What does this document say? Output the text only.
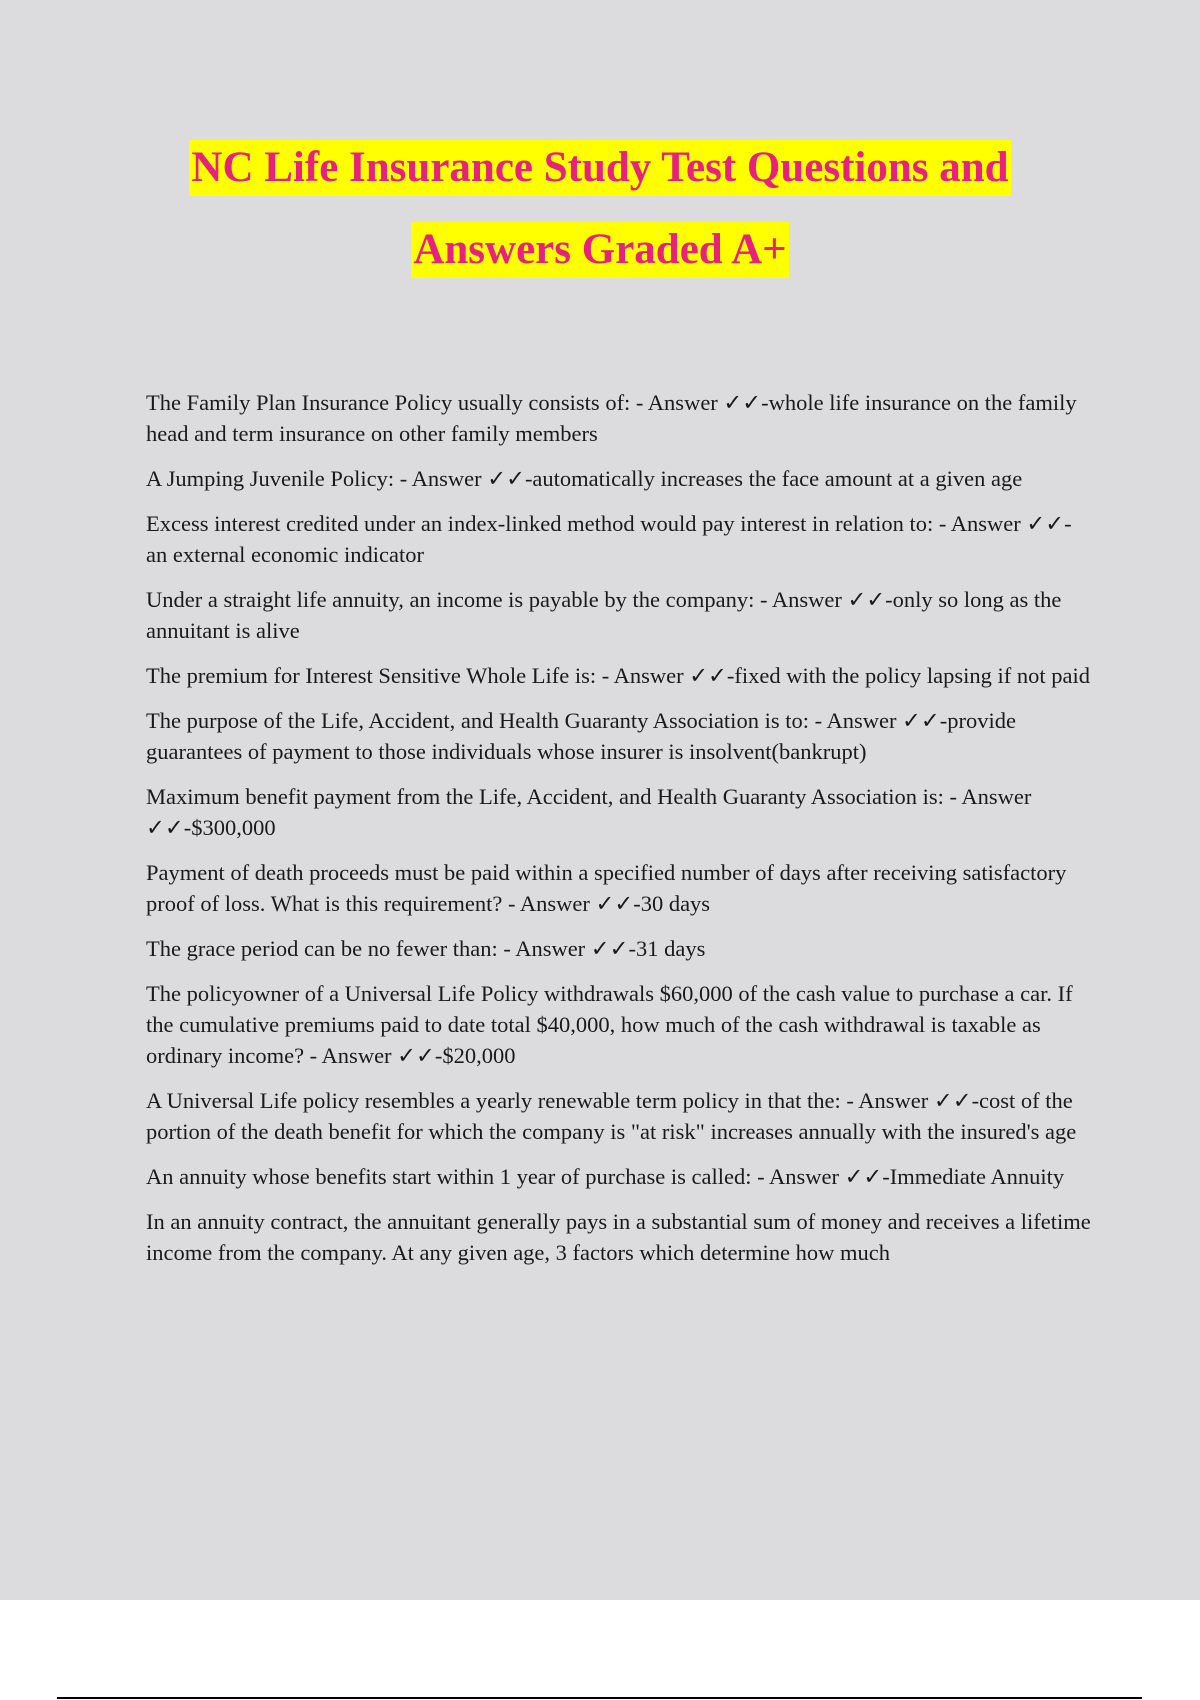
NC Life Insurance Study Test Questions and
Answers Graded A+

The Family Plan Insurance Policy usually consists of: - Answer ✓✓-whole life insurance on the family head and term insurance on other family members

A Jumping Juvenile Policy: - Answer ✓✓-automatically increases the face amount at a given age

Excess interest credited under an index-linked method would pay interest in relation to: - Answer ✓✓-an external economic indicator

Under a straight life annuity, an income is payable by the company: - Answer ✓✓-only so long as the annuitant is alive

The premium for Interest Sensitive Whole Life is: - Answer ✓✓-fixed with the policy lapsing if not paid

The purpose of the Life, Accident, and Health Guaranty Association is to: - Answer ✓✓-provide guarantees of payment to those individuals whose insurer is insolvent(bankrupt)

Maximum benefit payment from the Life, Accident, and Health Guaranty Association is: - Answer ✓✓-$300,000

Payment of death proceeds must be paid within a specified number of days after receiving satisfactory proof of loss. What is this requirement? - Answer ✓✓-30 days

The grace period can be no fewer than: - Answer ✓✓-31 days

The policyowner of a Universal Life Policy withdrawals $60,000 of the cash value to purchase a car. If the cumulative premiums paid to date total $40,000, how much of the cash withdrawal is taxable as ordinary income? - Answer ✓✓-$20,000

A Universal Life policy resembles a yearly renewable term policy in that the: - Answer ✓✓-cost of the portion of the death benefit for which the company is "at risk" increases annually with the insured's age

An annuity whose benefits start within 1 year of purchase is called: - Answer ✓✓-Immediate Annuity

In an annuity contract, the annuitant generally pays in a substantial sum of money and receives a lifetime income from the company. At any given age, 3 factors which determine how much
